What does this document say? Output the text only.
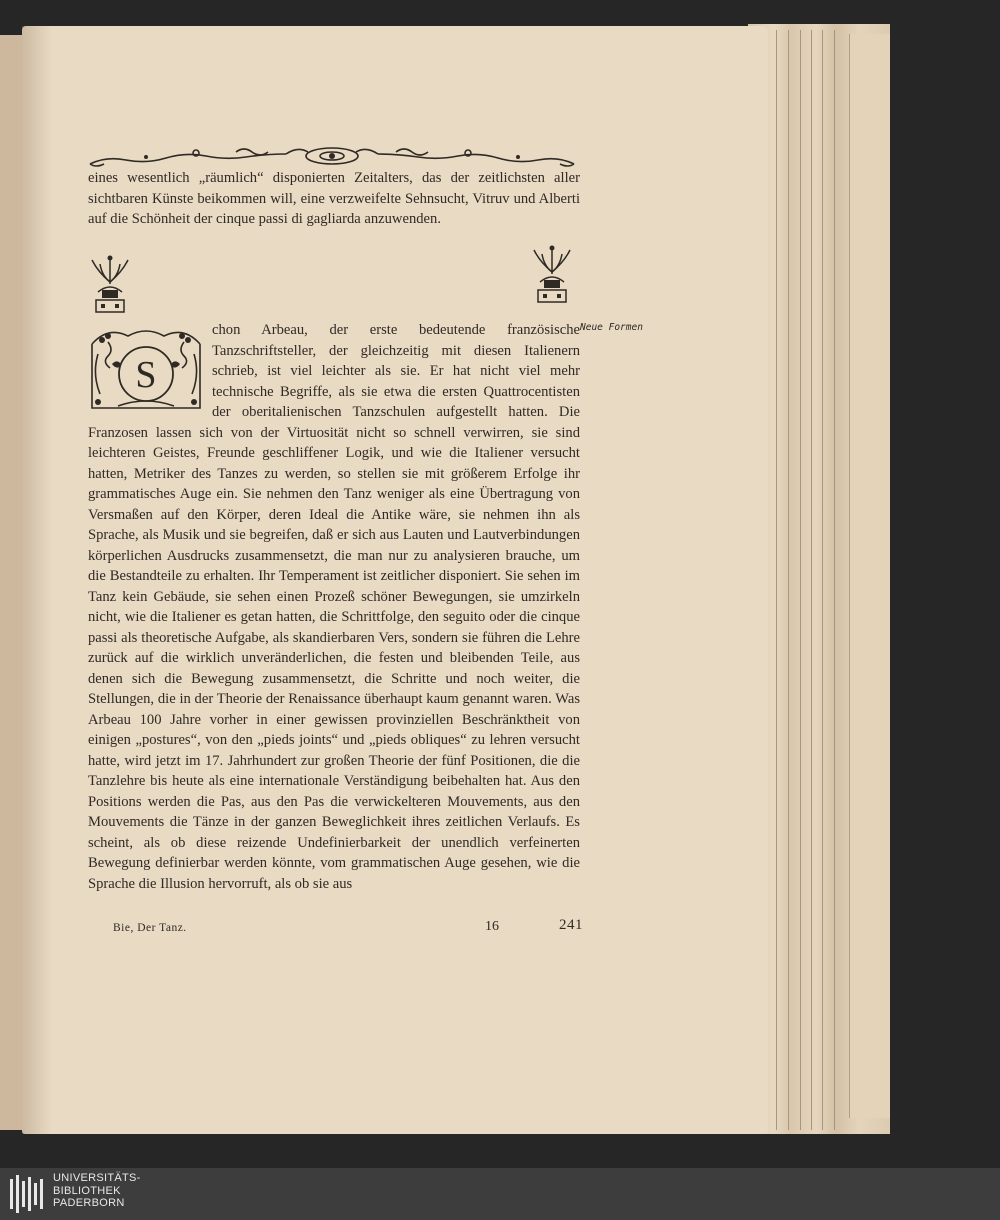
eines wesentlich „räumlich“ disponierten Zeitalters, das der zeitlichsten aller sichtbaren Künste beikommen will, eine verzweifelte Sehnsucht, Vitruv und Alberti auf die Schönheit der cinque passi di gagliarda anzuwenden.

S

chon Arbeau, der erste bedeutende französische Tanzschriftsteller, der gleichzeitig mit diesen Italienern schrieb, ist viel leichter als sie. Er hat nicht viel mehr technische Begriffe, als sie etwa die ersten Quattrocentisten der oberitalienischen Tanzschulen aufgestellt hatten. Die Franzosen lassen sich von der Virtuosität nicht so schnell verwirren, sie sind leichteren Geistes, Freunde geschliffener Logik, und wie die Italiener versucht hatten, Metriker des Tanzes zu werden, so stellen sie mit größerem Erfolge ihr grammatisches Auge ein. Sie nehmen den Tanz weniger als eine Übertragung von Versmaßen auf den Körper, deren Ideal die Antike wäre, sie nehmen ihn als Sprache, als Musik und sie begreifen, daß er sich aus Lauten und Lautverbindungen körperlichen Ausdrucks zusammensetzt, die man nur zu analysieren brauche, um die Bestandteile zu erhalten. Ihr Temperament ist zeitlicher disponiert. Sie sehen im Tanz kein Gebäude, sie sehen einen Prozeß schöner Bewegungen, sie umzirkeln nicht, wie die Italiener es getan hatten, die Schrittfolge, den seguito oder die cinque passi als theoretische Aufgabe, als skandierbaren Vers, sondern sie führen die Lehre zurück auf die wirklich unveränderlichen, die festen und bleibenden Teile, aus denen sich die Bewegung zusammensetzt, die Schritte und noch weiter, die Stellungen, die in der Theorie der Renaissance überhaupt kaum genannt waren. Was Arbeau 100 Jahre vorher in einer gewissen provinziellen Beschränktheit von einigen „postures“, von den „pieds joints“ und „pieds obliques“ zu lehren versucht hatte, wird jetzt im 17. Jahrhundert zur großen Theorie der fünf Positionen, die die Tanzlehre bis heute als eine internationale Verständigung beibehalten hat. Aus den Positions werden die Pas, aus den Pas die verwickelteren Mouvements, aus den Mouvements die Tänze in der ganzen Beweglichkeit ihres zeitlichen Verlaufs. Es scheint, als ob diese reizende Undefinierbarkeit der unendlich verfeinerten Bewegung definierbar werden könnte, vom grammatischen Auge gesehen, wie die Sprache die Illusion hervorruft, als ob sie aus

Neue Formen
Bie, Der Tanz.	16	241
UNIVERSITÄTS-
BIBLIOTHEK
PADERBORN
